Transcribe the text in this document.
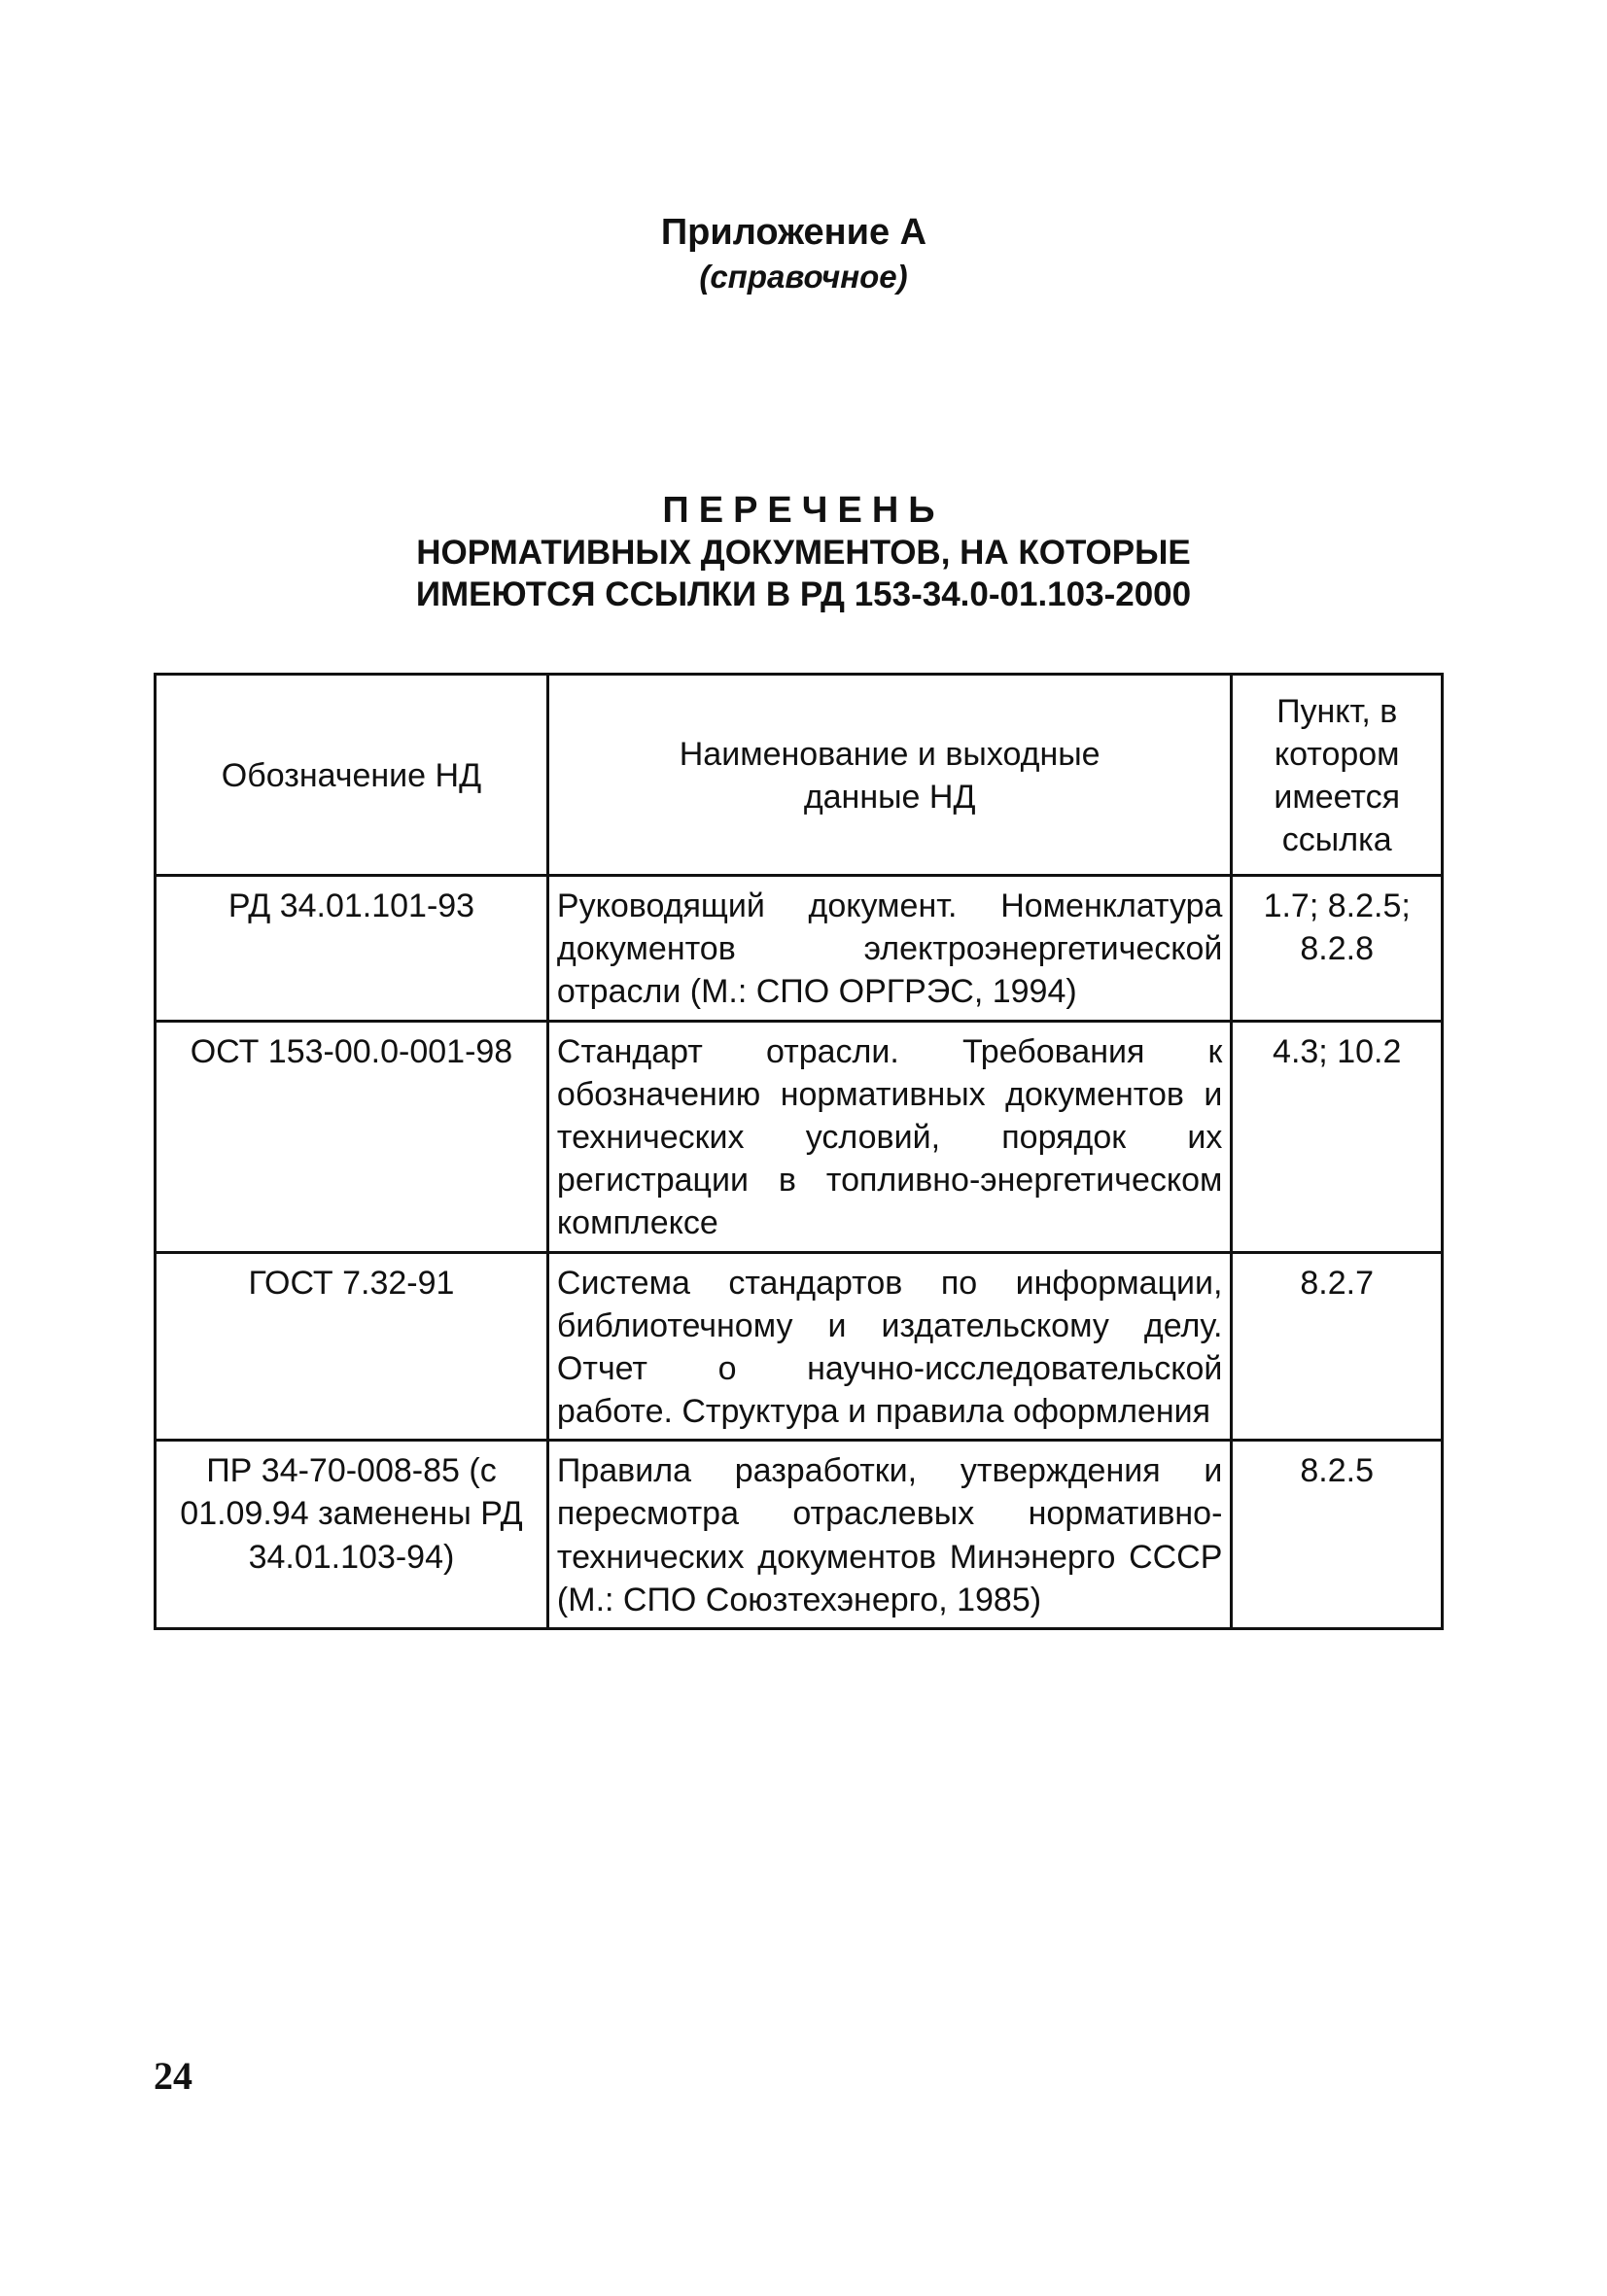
Приложение А
(справочное)
ПЕРЕЧЕНЬ
НОРМАТИВНЫХ ДОКУМЕНТОВ, НА КОТОРЫЕ
ИМЕЮТСЯ ССЫЛКИ В РД 153-34.0-01.103-2000
Обозначение НД	Наименование и выходные данные НД	Пункт, в котором имеется ссылка
РД 34.01.101-93	Руководящий документ. Номенклатура документов электроэнергетической отрасли (М.: СПО ОРГРЭС, 1994)	1.7; 8.2.5; 8.2.8
ОСТ 153-00.0-001-98	Стандарт отрасли. Требования к обозначению нормативных документов и технических условий, порядок их регистрации в топливно-энергетическом комплексе	4.3; 10.2
ГОСТ 7.32-91	Система стандартов по информации, библиотечному и издательскому делу. Отчет о научно-исследовательской работе. Структура и правила оформления	8.2.7
ПР 34-70-008-85 (с 01.09.94 заменены РД 34.01.103-94)	Правила разработки, утверждения и пересмотра отраслевых нормативно-технических документов Минэнерго СССР (М.: СПО Союзтехэнерго, 1985)	8.2.5
24
